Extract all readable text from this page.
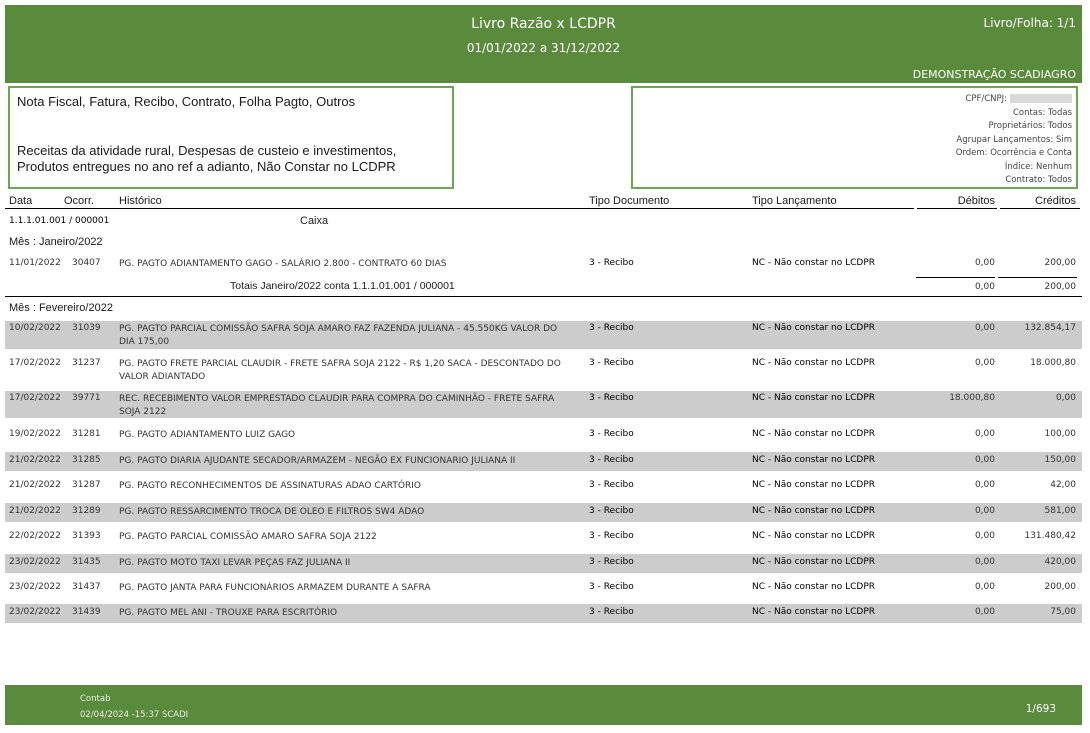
Livro Razão x LCDPR
01/01/2022 a 31/12/2022
Livro/Folha: 1/1
DEMONSTRAÇÃO SCADIAGRO
Nota Fiscal, Fatura, Recibo, Contrato, Folha Pagto, Outros
Receitas da atividade rural, Despesas de custeio e investimentos,
Produtos entregues no ano ref a adianto, Não Constar no LCDPR
CPF/CNPJ:
Contas: Todas
Proprietários: Todos
Agrupar Lançamentos: Sim
Ordem: Ocorrência e Conta
Índice: Nenhum
Contrato: Todos
Data	Ocorr. Histórico	Tipo Documento	Tipo Lançamento	Débitos	Créditos
1.1.1.01.001 / 000001	Caixa
Mês : Janeiro/2022
11/01/2022 30407 PG. PAGTO ADIANTAMENTO GAGO - SALÁRIO 2.800 - CONTRATO 60 DIAS	3 - Recibo	NC - Não constar no LCDPR	0,00	200,00
Totais Janeiro/2022 conta 1.1.1.01.001 / 000001	0,00	200,00
Mês : Fevereiro/2022
10/02/2022 31039 PG. PAGTO PARCIAL COMISSÃO SAFRA SOJA AMARO FAZ FAZENDA JULIANA - 45.550KG VALOR DO DIA 175,00
3 - Recibo	NC - Não constar no LCDPR	0,00	132.854,17
17/02/2022 31237 PG. PAGTO FRETE PARCIAL CLAUDIR - FRETE SAFRA SOJA 2122 - R$ 1,20 SACA - DESCONTADO DO VALOR ADIANTADO
3 - Recibo	NC - Não constar no LCDPR	0,00	18.000,80
17/02/2022 39771 REC. RECEBIMENTO VALOR EMPRESTADO CLAUDIR PARA COMPRA DO CAMINHÃO - FRETE SAFRA SOJA 2122
3 - Recibo	NC - Não constar no LCDPR	18.000,80	0,00
19/02/2022 31281 PG. PAGTO ADIANTAMENTO LUIZ GAGO	3 - Recibo	NC - Não constar no LCDPR	0,00	100,00
21/02/2022 31285 PG. PAGTO DIARIA AJUDANTE SECADOR/ARMAZEM - NEGÃO EX FUNCIONARIO JULIANA II	3 - Recibo	NC - Não constar no LCDPR	0,00	150,00
21/02/2022 31287 PG. PAGTO RECONHECIMENTOS DE ASSINATURAS ADAO CARTÓRIO	3 - Recibo	NC - Não constar no LCDPR	0,00	42,00
21/02/2022 31289 PG. PAGTO RESSARCIMENTO TROCA DE OLEO E FILTROS SW4 ADAO	3 - Recibo	NC - Não constar no LCDPR	0,00	581,00
22/02/2022 31393 PG. PAGTO PARCIAL COMISSÃO AMARO SAFRA SOJA 2122	3 - Recibo	NC - Não constar no LCDPR	0,00	131.480,42
23/02/2022 31435 PG. PAGTO MOTO TAXI LEVAR PEÇAS FAZ JULIANA II	3 - Recibo	NC - Não constar no LCDPR	0,00	420,00
23/02/2022 31437 PG. PAGTO JANTA PARA FUNCIONÁRIOS ARMAZEM DURANTE A SAFRA	3 - Recibo	NC - Não constar no LCDPR	0,00	200,00
23/02/2022 31439 PG. PAGTO MEL ANI - TROUXE PARA ESCRITÓRIO	3 - Recibo	NC - Não constar no LCDPR	0,00	75,00
Contab
02/04/2024 -15:37 SCADI	1/693
